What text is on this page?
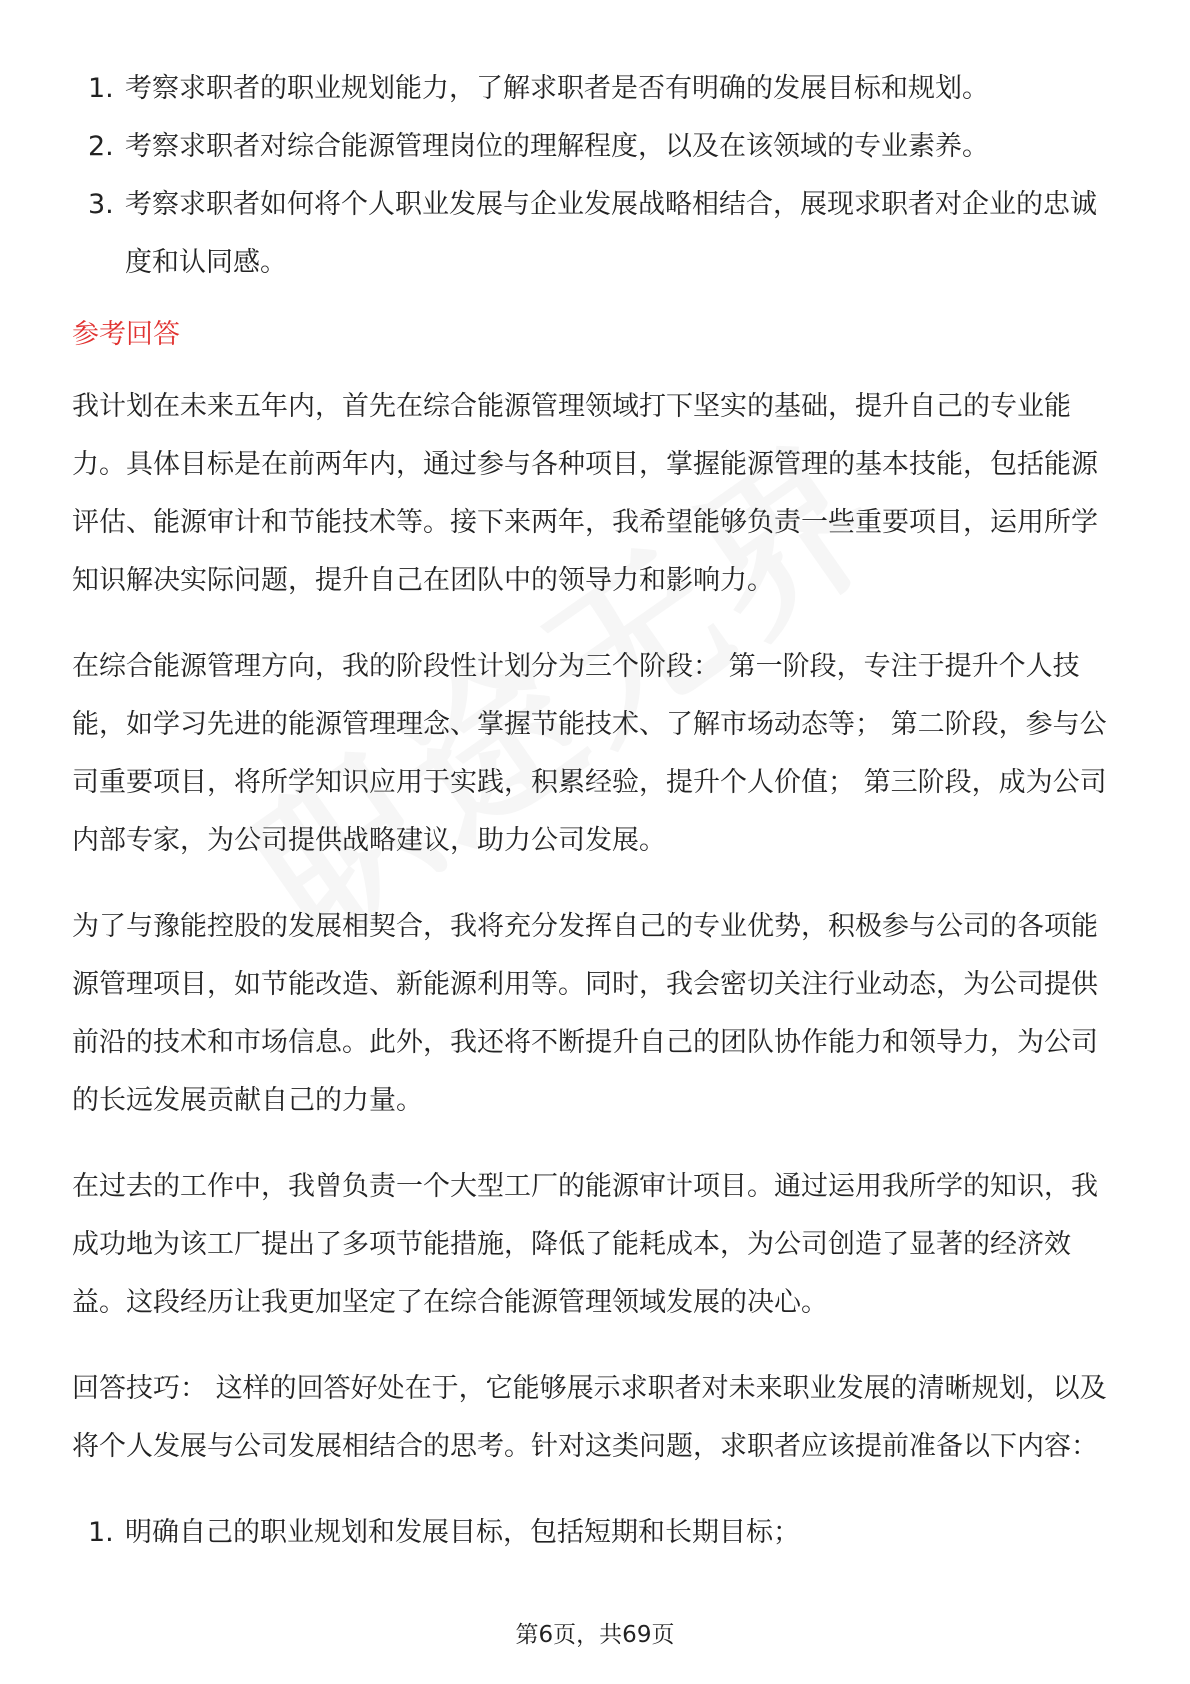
1. 考察求职者的职业规划能力，了解求职者是否有明确的发展目标和规划。
2. 考察求职者对综合能源管理岗位的理解程度，以及在该领域的专业素养。
3. 考察求职者如何将个人职业发展与企业发展战略相结合，展现求职者对企业的忠诚度和认同感。
参考回答

我计划在未来五年内，首先在综合能源管理领域打下坚实的基础，提升自己的专业能力。具体目标是在前两年内，通过参与各种项目，掌握能源管理的基本技能，包括能源评估、能源审计和节能技术等。接下来两年，我希望能够负责一些重要项目，运用所学知识解决实际问题，提升自己在团队中的领导力和影响力。

在综合能源管理方向，我的阶段性计划分为三个阶段： 第一阶段，专注于提升个人技能，如学习先进的能源管理理念、掌握节能技术、了解市场动态等； 第二阶段，参与公司重要项目，将所学知识应用于实践，积累经验，提升个人价值； 第三阶段，成为公司内部专家，为公司提供战略建议，助力公司发展。

为了与豫能控股的发展相契合，我将充分发挥自己的专业优势，积极参与公司的各项能源管理项目，如节能改造、新能源利用等。同时，我会密切关注行业动态，为公司提供前沿的技术和市场信息。此外，我还将不断提升自己的团队协作能力和领导力，为公司的长远发展贡献自己的力量。

在过去的工作中，我曾负责一个大型工厂的能源审计项目。通过运用我所学的知识，我成功地为该工厂提出了多项节能措施，降低了能耗成本，为公司创造了显著的经济效益。这段经历让我更加坚定了在综合能源管理领域发展的决心。

回答技巧： 这样的回答好处在于，它能够展示求职者对未来职业发展的清晰规划，以及将个人发展与公司发展相结合的思考。针对这类问题，求职者应该提前准备以下内容：

1. 明确自己的职业规划和发展目标，包括短期和长期目标；
第6页，共69页
